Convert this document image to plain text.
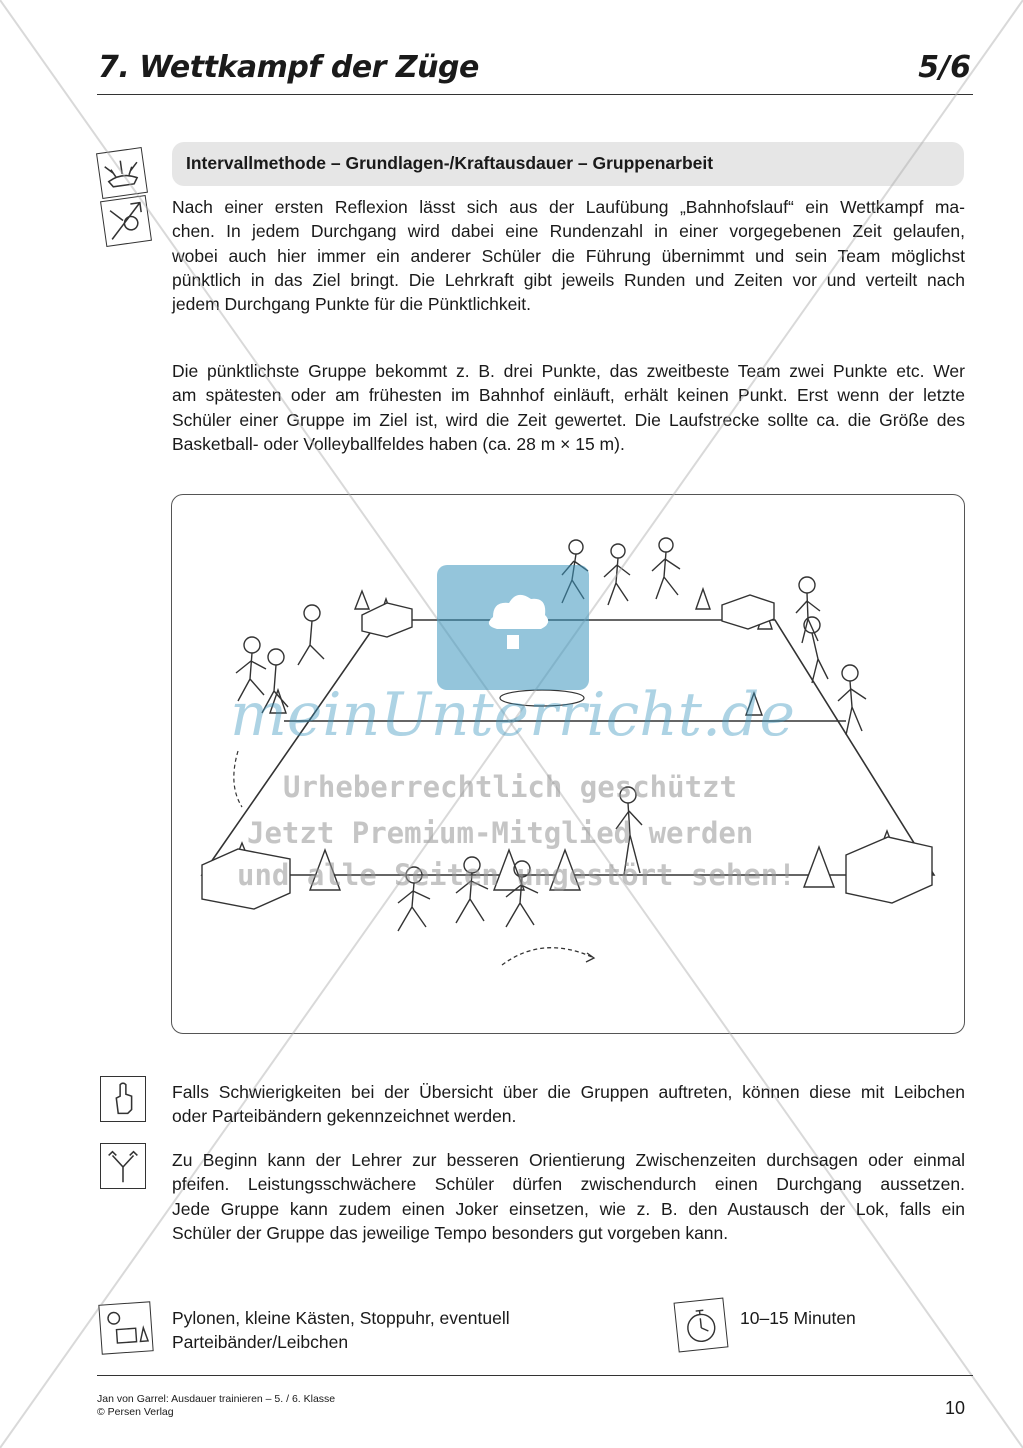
7. Wettkampf der Züge	5/6
Intervallmethode – Grundlagen-/Kraftausdauer – Gruppenarbeit
Nach einer ersten Reflexion lässt sich aus der Laufübung „Bahnhofslauf“ ein Wettkampf ma-
chen. In jedem Durchgang wird dabei eine Rundenzahl in einer vorgegebenen Zeit gelaufen,
wobei auch hier immer ein anderer Schüler die Führung übernimmt und sein Team möglichst
pünktlich in das Ziel bringt. Die Lehrkraft gibt jeweils Runden und Zeiten vor und verteilt nach
jedem Durchgang Punkte für die Pünktlichkeit.
Die pünktlichste Gruppe bekommt z. B. drei Punkte, das zweitbeste Team zwei Punkte etc. Wer
am spätesten oder am frühesten im Bahnhof einläuft, erhält keinen Punkt. Erst wenn der letzte
Schüler einer Gruppe im Ziel ist, wird die Zeit gewertet. Die Laufstrecke sollte ca. die Größe des
Basketball- oder Volleyballfeldes haben (ca. 28 m × 15 m).
meinUnterricht.de
Urheberrechtlich geschützt
Jetzt Premium-Mitglied werden
und alle Seiten ungestört sehen!
Falls Schwierigkeiten bei der Übersicht über die Gruppen auftreten, können diese mit Leibchen
oder Parteibändern gekennzeichnet werden.
Zu Beginn kann der Lehrer zur besseren Orientierung Zwischenzeiten durchsagen oder einmal
pfeifen. Leistungsschwächere Schüler dürfen zwischendurch einen Durchgang aussetzen.
Jede Gruppe kann zudem einen Joker einsetzen, wie z. B. den Austausch der Lok, falls ein
Schüler der Gruppe das jeweilige Tempo besonders gut vorgeben kann.
Pylonen, kleine Kästen, Stoppuhr, eventuell
Parteibänder/Leibchen
10–15 Minuten
Jan von Garrel: Ausdauer trainieren – 5. / 6. Klasse
© Persen Verlag	10
